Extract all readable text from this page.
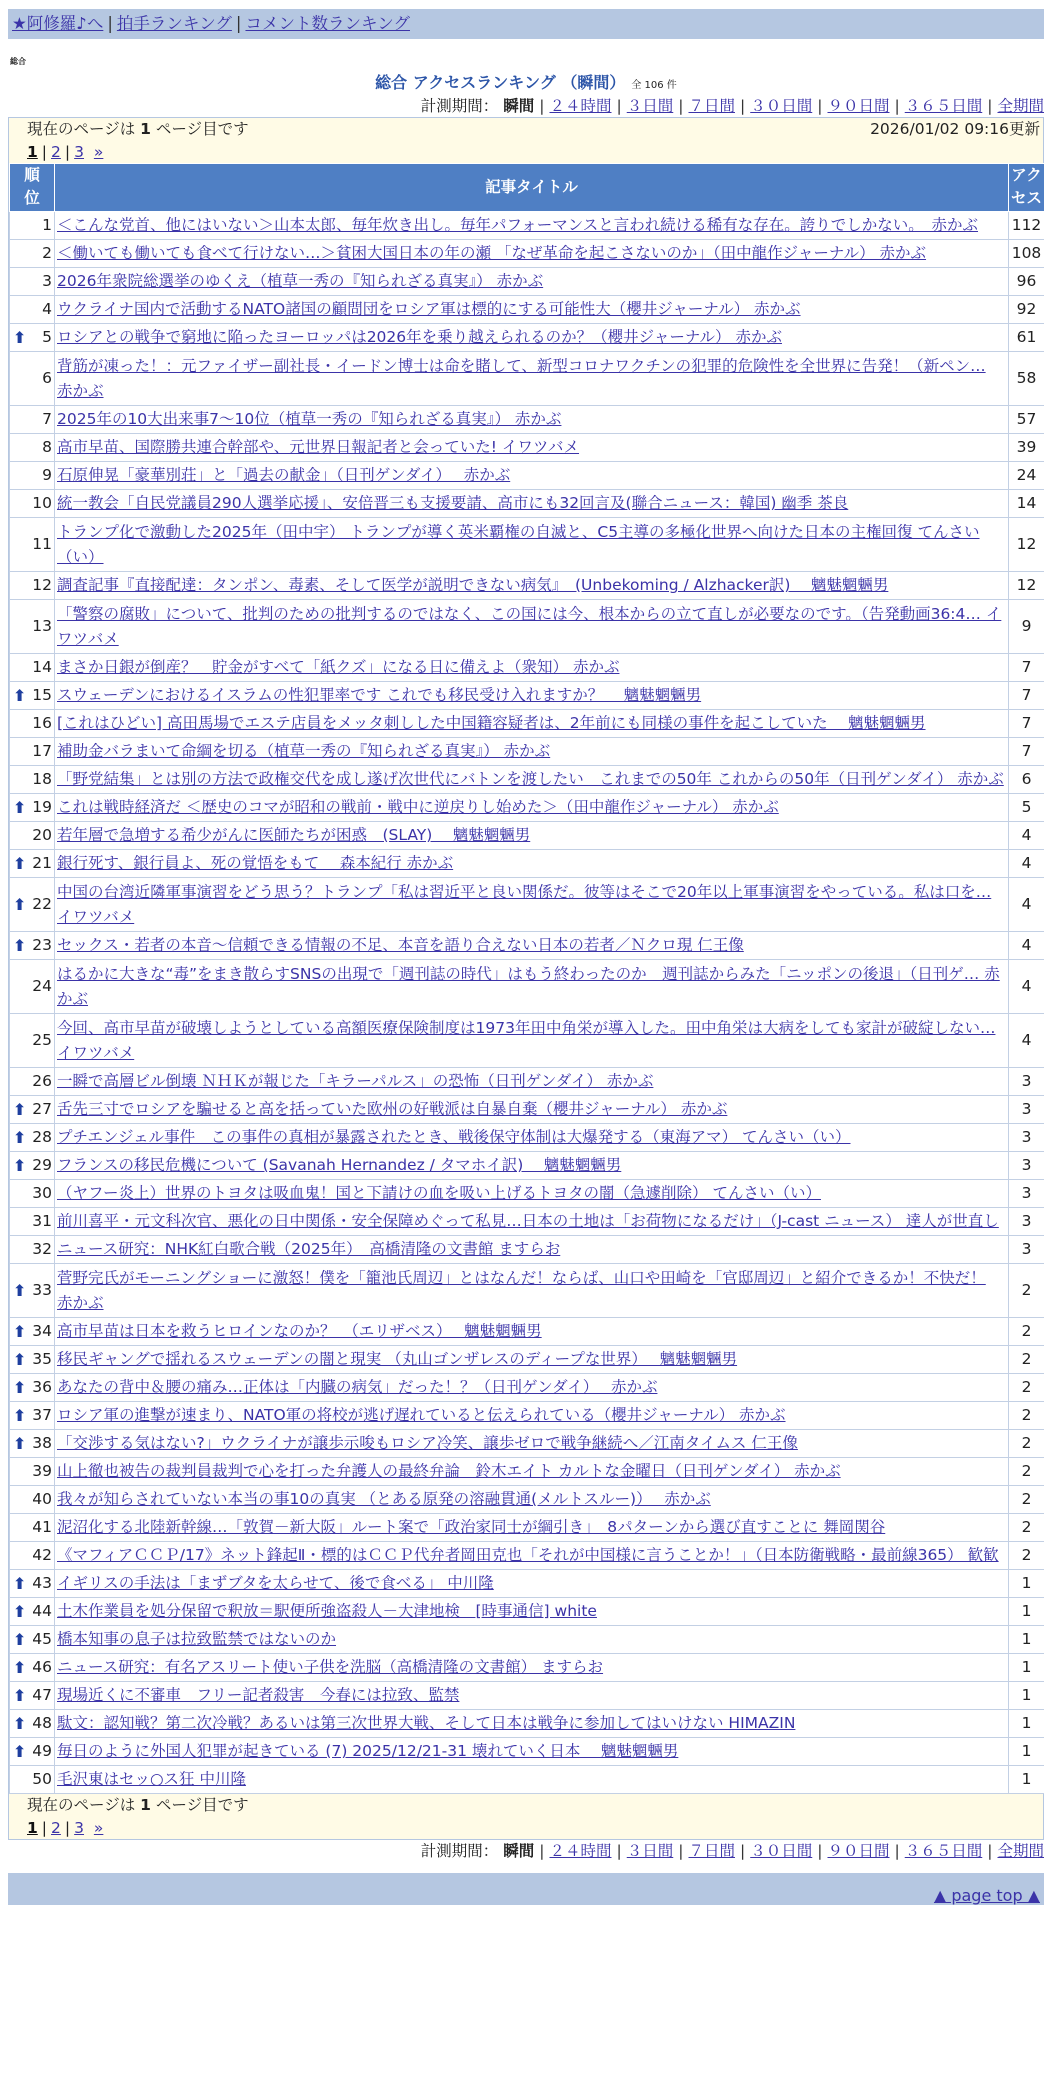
★阿修羅♪へ | 拍手ランキング | コメント数ランキング
総合
総合 アクセスランキング （瞬間） 全 106 件
計測期間： 瞬間 | ２４時間 | ３日間 | ７日間 | ３０日間 | ９０日間 | ３６５日間 | 全期間
現在のページは 1 ページ目です	2026/01/02 09:16更新
1 | 2 | 3 »
順位	記事タイトル	アクセス
1	＜こんな党首、他にはいない＞山本太郎、毎年炊き出し。毎年パフォーマンスと言われ続ける稀有な存在。誇りでしかない。　赤かぶ	112
2	＜働いても働いても食べて行けない…＞貧困大国日本の年の瀬 「なぜ革命を起こさないのか」（田中龍作ジャーナル） 赤かぶ	108
3	2026年衆院総選挙のゆくえ（植草一秀の『知られざる真実』） 赤かぶ	96
4	ウクライナ国内で活動するNATO諸国の顧問団をロシア軍は標的にする可能性大（櫻井ジャーナル） 赤かぶ	92

⬆ 5	ロシアとの戦争で窮地に陥ったヨーロッパは2026年を乗り越えられるのか？（櫻井ジャーナル） 赤かぶ	61
6	背筋が凍った！：元ファイザー副社長・イードン博士は命を賭して、新型コロナワクチンの犯罪的危険性を全世界に告発！（新ペン… 赤かぶ	58
7	2025年の10大出来事7～10位（植草一秀の『知られざる真実』） 赤かぶ	57
8	高市早苗、国際勝共連合幹部や、元世界日報記者と会っていた! イワツバメ	39
9	石原伸晃「豪華別荘」と「過去の献金」（日刊ゲンダイ）　 赤かぶ	24
10	統一教会「自民党議員290人選挙応援」、安倍晋三も支援要請、高市にも32回言及(聯合ニュース：韓国) 幽季 茶良	14
11	トランプ化で激動した2025年（田中宇） トランプが導く英米覇権の自滅と、C5主導の多極化世界へ向けた日本の主権回復 てんさい（い）	12
12	調査記事『直接配達：タンポン、毒素、そして医学が説明できない病気』　(Unbekoming / Alzhacker訳)　 魑魅魍魎男	12
13	「警察の腐敗」について、批判のための批判するのではなく、この国には今、根本からの立て直しが必要なのです。（告発動画36:4… イワツバメ	9
14	まさか日銀が倒産？　貯金がすべて「紙クズ」になる日に備えよ（衆知） 赤かぶ	7

⬆ 15	スウェーデンにおけるイスラムの性犯罪率です これでも移民受け入れますか？　 魑魅魍魎男	7
16	[これはひどい] 高田馬場でエステ店員をメッタ刺しした中国籍容疑者は、2年前にも同様の事件を起こしていた　 魑魅魍魎男	7
17	補助金バラまいて命綱を切る（植草一秀の『知られざる真実』） 赤かぶ	7
18	「野党結集」とは別の方法で政権交代を成し遂げ次世代にバトンを渡したい　これまでの50年 これからの50年（日刊ゲンダイ） 赤かぶ	6

⬆ 19	これは戦時経済だ ＜歴史のコマが昭和の戦前・戦中に逆戻りし始めた＞（田中龍作ジャーナル） 赤かぶ	5
20	若年層で急増する希少がんに医師たちが困惑　(SLAY)　 魑魅魍魎男	4

⬆ 21	銀行死す、銀行員よ、死の覚悟をもて　 森本紀行 赤かぶ	4

⬆ 22	中国の台湾近隣軍事演習をどう思う？トランプ「私は習近平と良い関係だ。彼等はそこで20年以上軍事演習をやっている。私は口を… イワツバメ	4

⬆ 23	セックス・若者の本音～信頼できる情報の不足、本音を語り合えない日本の若者／Ｎクロ現 仁王像	4
24	はるかに大きな“毒”をまき散らすSNSの出現で「週刊誌の時代」はもう終わったのか　週刊誌からみた「ニッポンの後退」（日刊ゲ… 赤かぶ	4
25	今回、高市早苗が破壊しようとしている高額医療保険制度は1973年田中角栄が導入した。田中角栄は大病をしても家計が破綻しない… イワツバメ	4
26	一瞬で高層ビル倒壊 ＮＨＫが報じた「キラーパルス」の恐怖（日刊ゲンダイ） 赤かぶ	3

⬆ 27	舌先三寸でロシアを騙せると高を括っていた欧州の好戦派は自暴自棄（櫻井ジャーナル） 赤かぶ	3

⬆ 28	プチエンジェル事件　この事件の真相が暴露されたとき、戦後保守体制は大爆発する（東海アマ） てんさい（い）	3

⬆ 29	フランスの移民危機について (Savanah Hernandez / タマホイ訳)　 魑魅魍魎男	3
30	（ヤフー炎上）世界のトヨタは吸血鬼！国と下請けの血を吸い上げるトヨタの闇（急遽削除） てんさい（い）	3
31	前川喜平・元文科次官、悪化の日中関係・安全保障めぐって私見…日本の土地は「お荷物になるだけ」（J-cast ニュース） 達人が世直し	3
32	ニュース研究：NHK紅白歌合戦（2025年）　高橋清隆の文書館 ますらお	3

⬆ 33	菅野完氏がモーニングショーに激怒！僕を「籠池氏周辺」とはなんだ！ならば、山口や田崎を「官邸周辺」と紹介できるか！不快だ！ 赤かぶ	2

⬆ 34	高市早苗は日本を救うヒロインなのか？　（エリザベス）　 魑魅魍魎男	2

⬆ 35	移民ギャングで揺れるスウェーデンの闇と現実 （丸山ゴンザレスのディープな世界）　 魑魅魍魎男	2

⬆ 36	あなたの背中＆腰の痛み…正体は「内臓の病気」だった！？（日刊ゲンダイ）　 赤かぶ	2

⬆ 37	ロシア軍の進撃が速まり、NATO軍の将校が逃げ遅れていると伝えられている（櫻井ジャーナル） 赤かぶ	2

⬆ 38	「交渉する気はない?」ウクライナが譲歩示唆もロシア冷笑、譲歩ゼロで戦争継続へ／江南タイムス 仁王像	2
39	山上徹也被告の裁判員裁判で心を打った弁護人の最終弁論　鈴木エイト カルトな金曜日（日刊ゲンダイ） 赤かぶ	2
40	我々が知らされていない本当の事10の真実 （とある原発の溶融貫通(メルトスルー)）　 赤かぶ	2
41	泥沼化する北陸新幹線…「敦賀－新大阪」ルート案で「政治家同士が綱引き」　8パターンから選び直すことに 舞岡関谷	2
42	《マフィアＣＣＰ/17》ネット鋒起Ⅱ・標的はＣＣＰ代弁者岡田克也「それが中国様に言うことか！」（日本防衛戦略・最前線365） 歓歓	2

⬆ 43	イギリスの手法は「まずブタを太らせて、後で食べる」 中川隆	1

⬆ 44	土木作業員を処分保留で釈放＝駅便所強盗殺人－大津地検　[時事通信] white	1

⬆ 45	橋本知事の息子は拉致監禁ではないのか	1

⬆ 46	ニュース研究：有名アスリート使い子供を洗脳（高橋清隆の文書館） ますらお	1

⬆ 47	現場近くに不審車　フリー記者殺害　今春には拉致、監禁	1

⬆ 48	駄文：認知戦？第二次冷戦？あるいは第三次世界大戦、そして日本は戦争に参加してはいけない HIMAZIN	1

⬆ 49	毎日のように外国人犯罪が起きている (7) 2025/12/21-31 壊れていく日本　 魑魅魍魎男	1
50	毛沢東はセッ○ス狂 中川隆	1
現在のページは 1 ページ目です
1 | 2 | 3 »
計測期間： 瞬間 | ２４時間 | ３日間 | ７日間 | ３０日間 | ９０日間 | ３６５日間 | 全期間
▲ page top ▲
